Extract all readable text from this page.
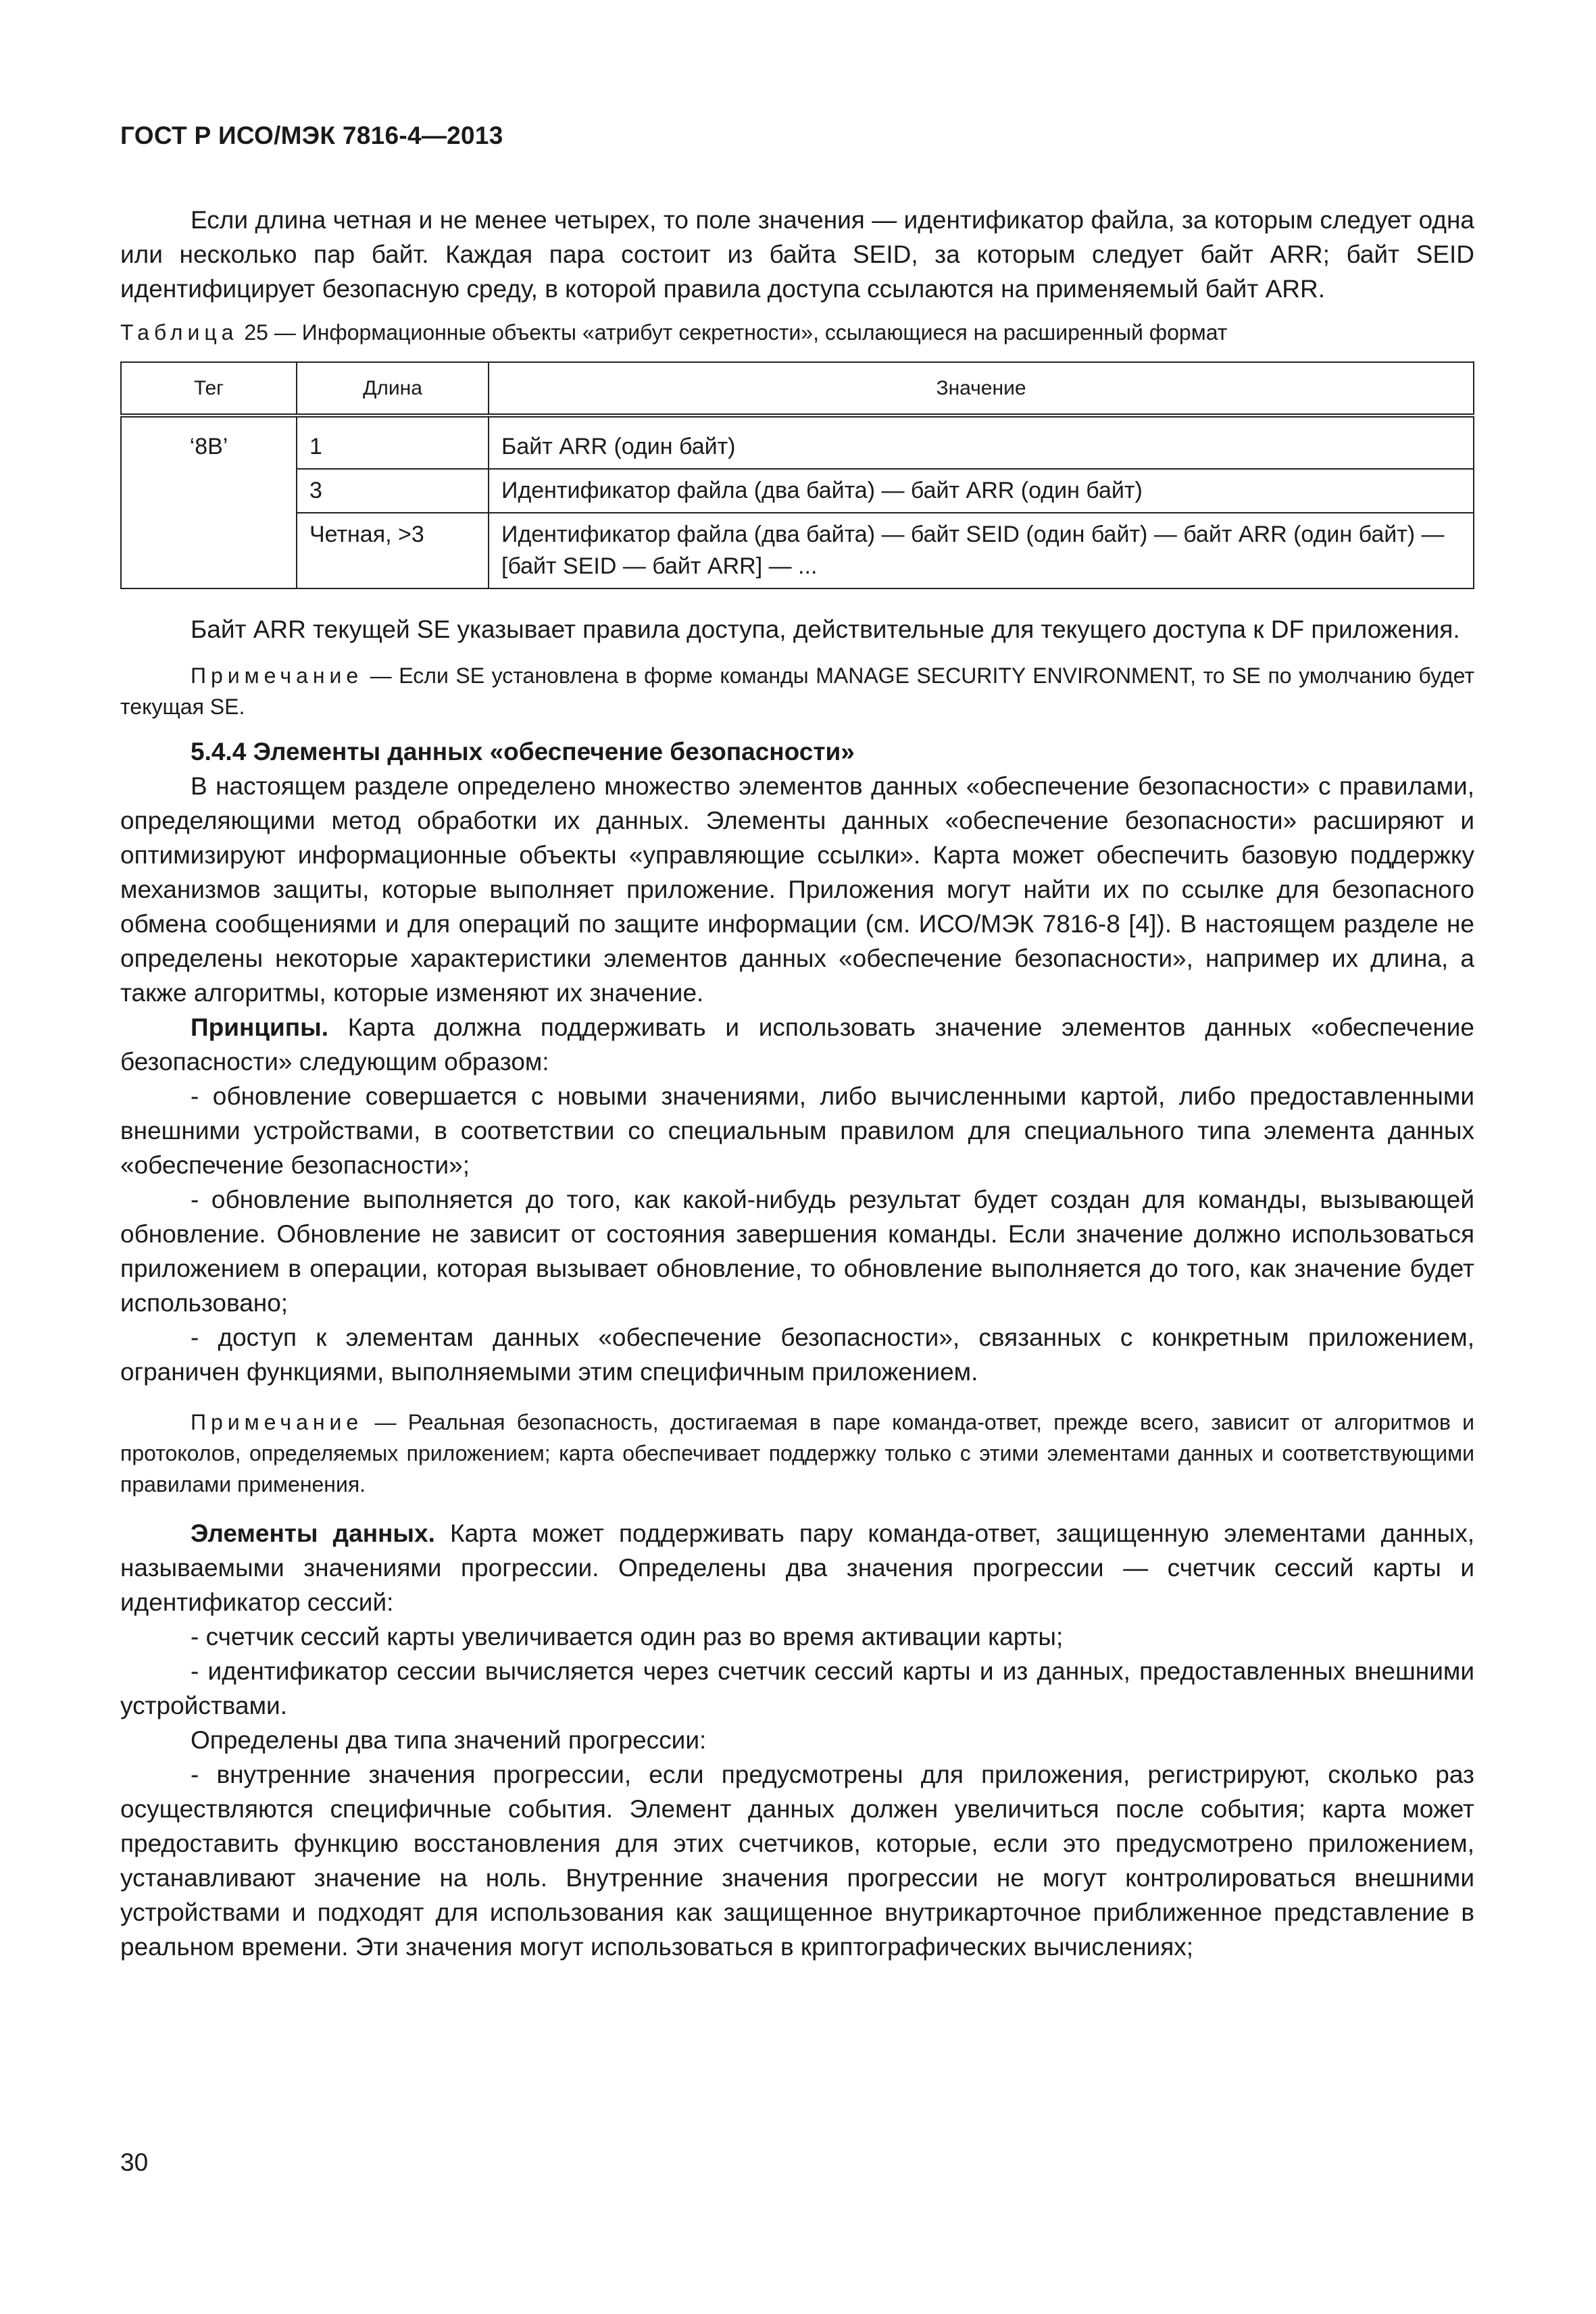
ГОСТ Р ИСО/МЭК 7816-4—2013

Если длина четная и не менее четырех, то поле значения — идентификатор файла, за которым следует одна или несколько пар байт. Каждая пара состоит из байта SEID, за которым следует байт ARR; байт SEID идентифицирует безопасную среду, в которой правила доступа ссылаются на применяемый байт ARR.

Таблица 25 — Информационные объекты «атрибут секретности», ссылающиеся на расширенный формат
Тег	Длина	Значение
‘8B’	1	Байт ARR (один байт)
	3	Идентификатор файла (два байта) — байт ARR (один байт)
	Четная, >3	Идентификатор файла (два байта) — байт SEID (один байт) — байт ARR (один байт) — [байт SEID — байт ARR] — ...

Байт ARR текущей SE указывает правила доступа, действительные для текущего доступа к DF приложения.

Примечание — Если SE установлена в форме команды MANAGE SECURITY ENVIRONMENT, то SE по умолчанию будет текущая SE.
5.4.4 Элементы данных «обеспечение безопасности»

В настоящем разделе определено множество элементов данных «обеспечение безопасности» с правилами, определяющими метод обработки их данных. Элементы данных «обеспечение безопасности» расширяют и оптимизируют информационные объекты «управляющие ссылки». Карта может обеспечить базовую поддержку механизмов защиты, которые выполняет приложение. Приложения могут найти их по ссылке для безопасного обмена сообщениями и для операций по защите информации (см. ИСО/МЭК 7816-8 [4]). В настоящем разделе не определены некоторые характеристики элементов данных «обеспечение безопасности», например их длина, а также алгоритмы, которые изменяют их значение.

Принципы. Карта должна поддерживать и использовать значение элементов данных «обеспечение безопасности» следующим образом:

- обновление совершается с новыми значениями, либо вычисленными картой, либо предоставленными внешними устройствами, в соответствии со специальным правилом для специального типа элемента данных «обеспечение безопасности»;

- обновление выполняется до того, как какой-нибудь результат будет создан для команды, вызывающей обновление. Обновление не зависит от состояния завершения команды. Если значение должно использоваться приложением в операции, которая вызывает обновление, то обновление выполняется до того, как значение будет использовано;

- доступ к элементам данных «обеспечение безопасности», связанных с конкретным приложением, ограничен функциями, выполняемыми этим специфичным приложением.

Примечание — Реальная безопасность, достигаемая в паре команда-ответ, прежде всего, зависит от алгоритмов и протоколов, определяемых приложением; карта обеспечивает поддержку только с этими элементами данных и соответствующими правилами применения.

Элементы данных. Карта может поддерживать пару команда-ответ, защищенную элементами данных, называемыми значениями прогрессии. Определены два значения прогрессии — счетчик сессий карты и идентификатор сессий:

- счетчик сессий карты увеличивается один раз во время активации карты;

- идентификатор сессии вычисляется через счетчик сессий карты и из данных, предоставленных внешними устройствами.

Определены два типа значений прогрессии:

- внутренние значения прогрессии, если предусмотрены для приложения, регистрируют, сколько раз осуществляются специфичные события. Элемент данных должен увеличиться после события; карта может предоставить функцию восстановления для этих счетчиков, которые, если это предусмотрено приложением, устанавливают значение на ноль. Внутренние значения прогрессии не могут контролироваться внешними устройствами и подходят для использования как защищенное внутрикарточное приближенное представление в реальном времени. Эти значения могут использоваться в криптографических вычислениях;

30
